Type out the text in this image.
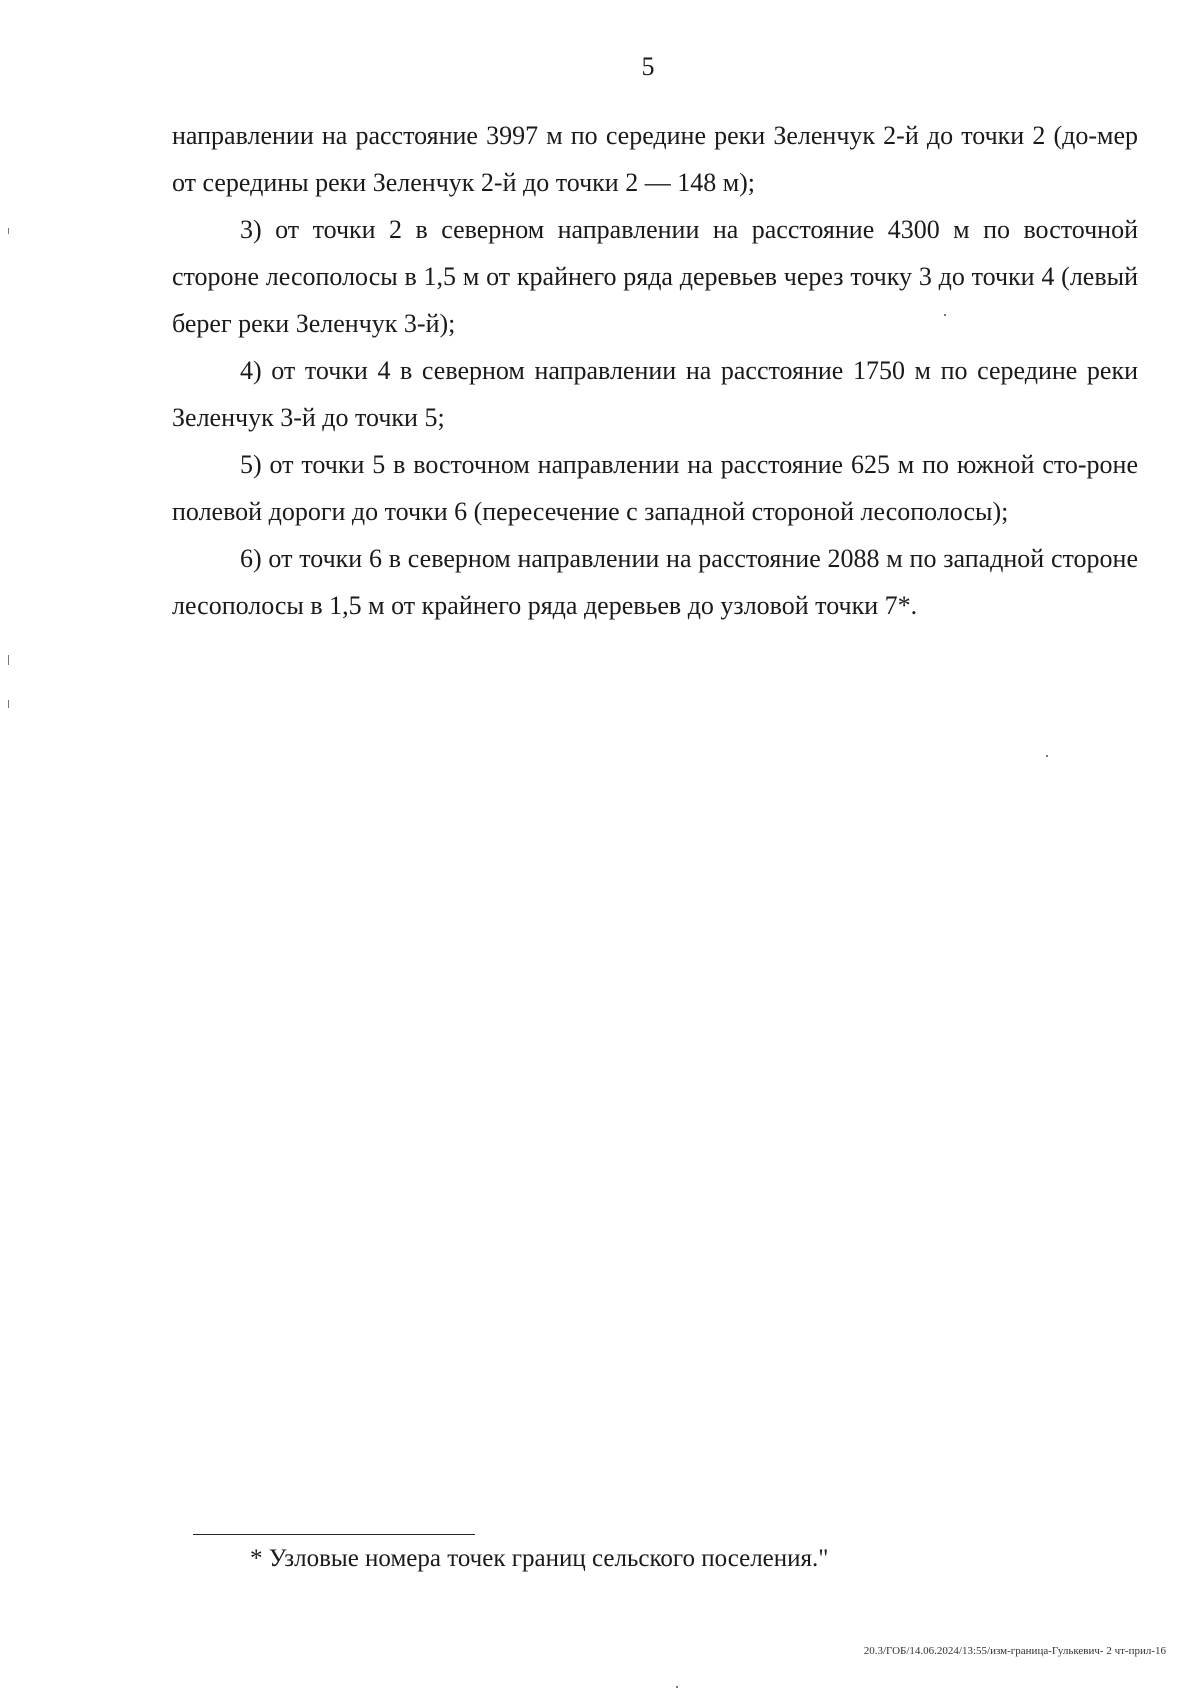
5

направлении на расстояние 3997 м по середине реки Зеленчук 2-й до точки 2 (до-мер от середины реки Зеленчук 2-й до точки 2 — 148 м);

3) от точки 2 в северном направлении на расстояние 4300 м по восточной стороне лесополосы в 1,5 м от крайнего ряда деревьев через точку 3 до точки 4 (левый берег реки Зеленчук 3-й);

4) от точки 4 в северном направлении на расстояние 1750 м по середине реки Зеленчук 3-й до точки 5;

5) от точки 5 в восточном направлении на расстояние 625 м по южной сто-роне полевой дороги до точки 6 (пересечение с западной стороной лесополосы);

6) от точки 6 в северном направлении на расстояние 2088 м по западной стороне лесополосы в 1,5 м от крайнего ряда деревьев до узловой точки 7*.

* Узловые номера точек границ сельского поселения."
20.3/ГОБ/14.06.2024/13:55/изм-граница-Гулькевич- 2 чт-прил-16
